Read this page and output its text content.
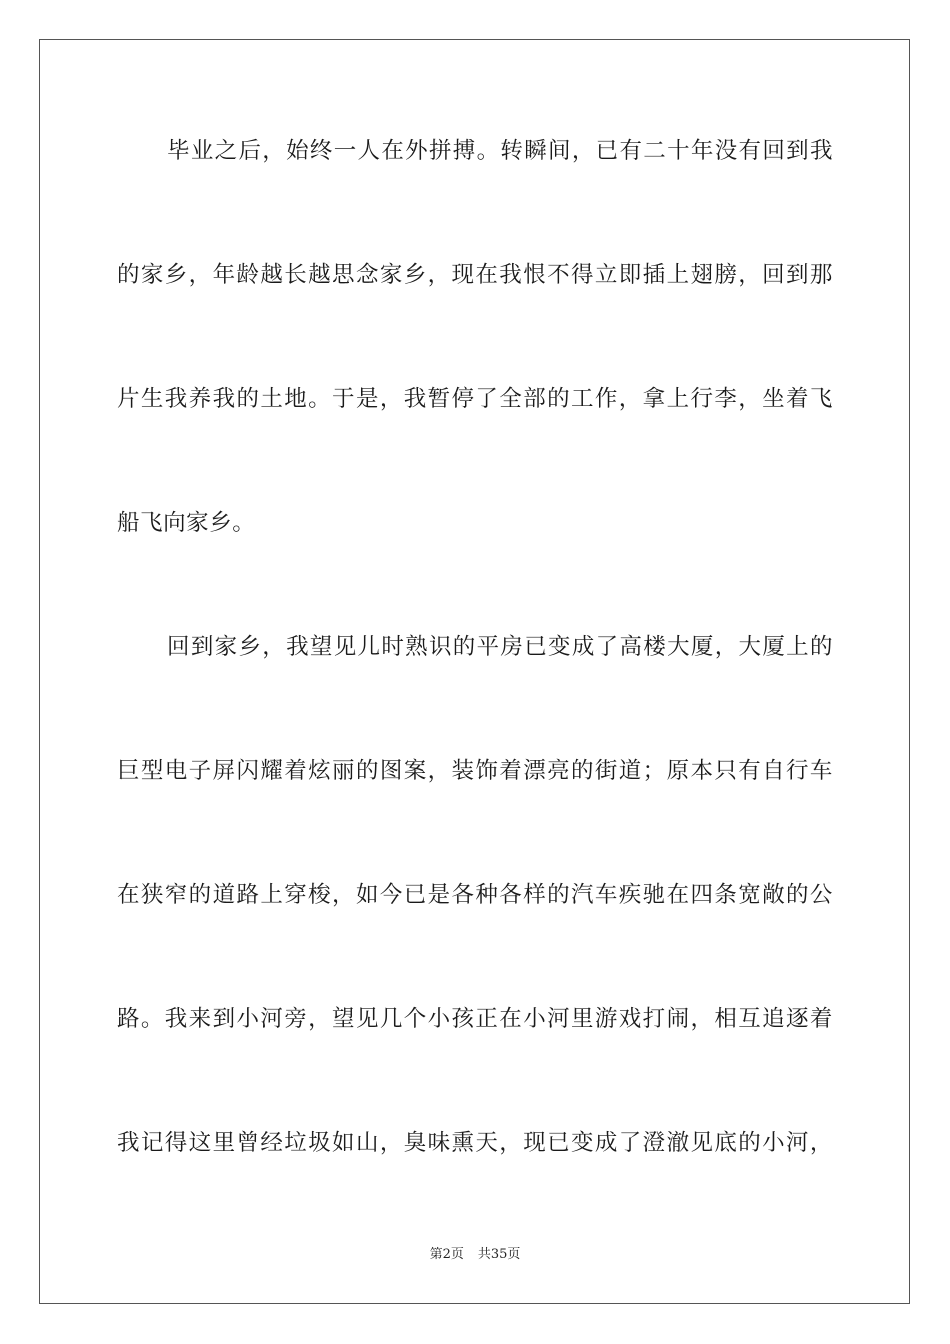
毕业之后，始终一人在外拼搏。转瞬间，已有二十年没有回到我
的家乡，年龄越长越思念家乡，现在我恨不得立即插上翅膀，回到那
片生我养我的土地。于是，我暂停了全部的工作，拿上行李，坐着飞
船飞向家乡。
回到家乡，我望见儿时熟识的平房已变成了高楼大厦，大厦上的
巨型电子屏闪耀着炫丽的图案，装饰着漂亮的街道；原本只有自行车
在狭窄的道路上穿梭，如今已是各种各样的汽车疾驰在四条宽敞的公
路。我来到小河旁，望见几个小孩正在小河里游戏打闹，相互追逐着
我记得这里曾经垃圾如山，臭味熏天，现已变成了澄澈见底的小河，
第2页 共35页
